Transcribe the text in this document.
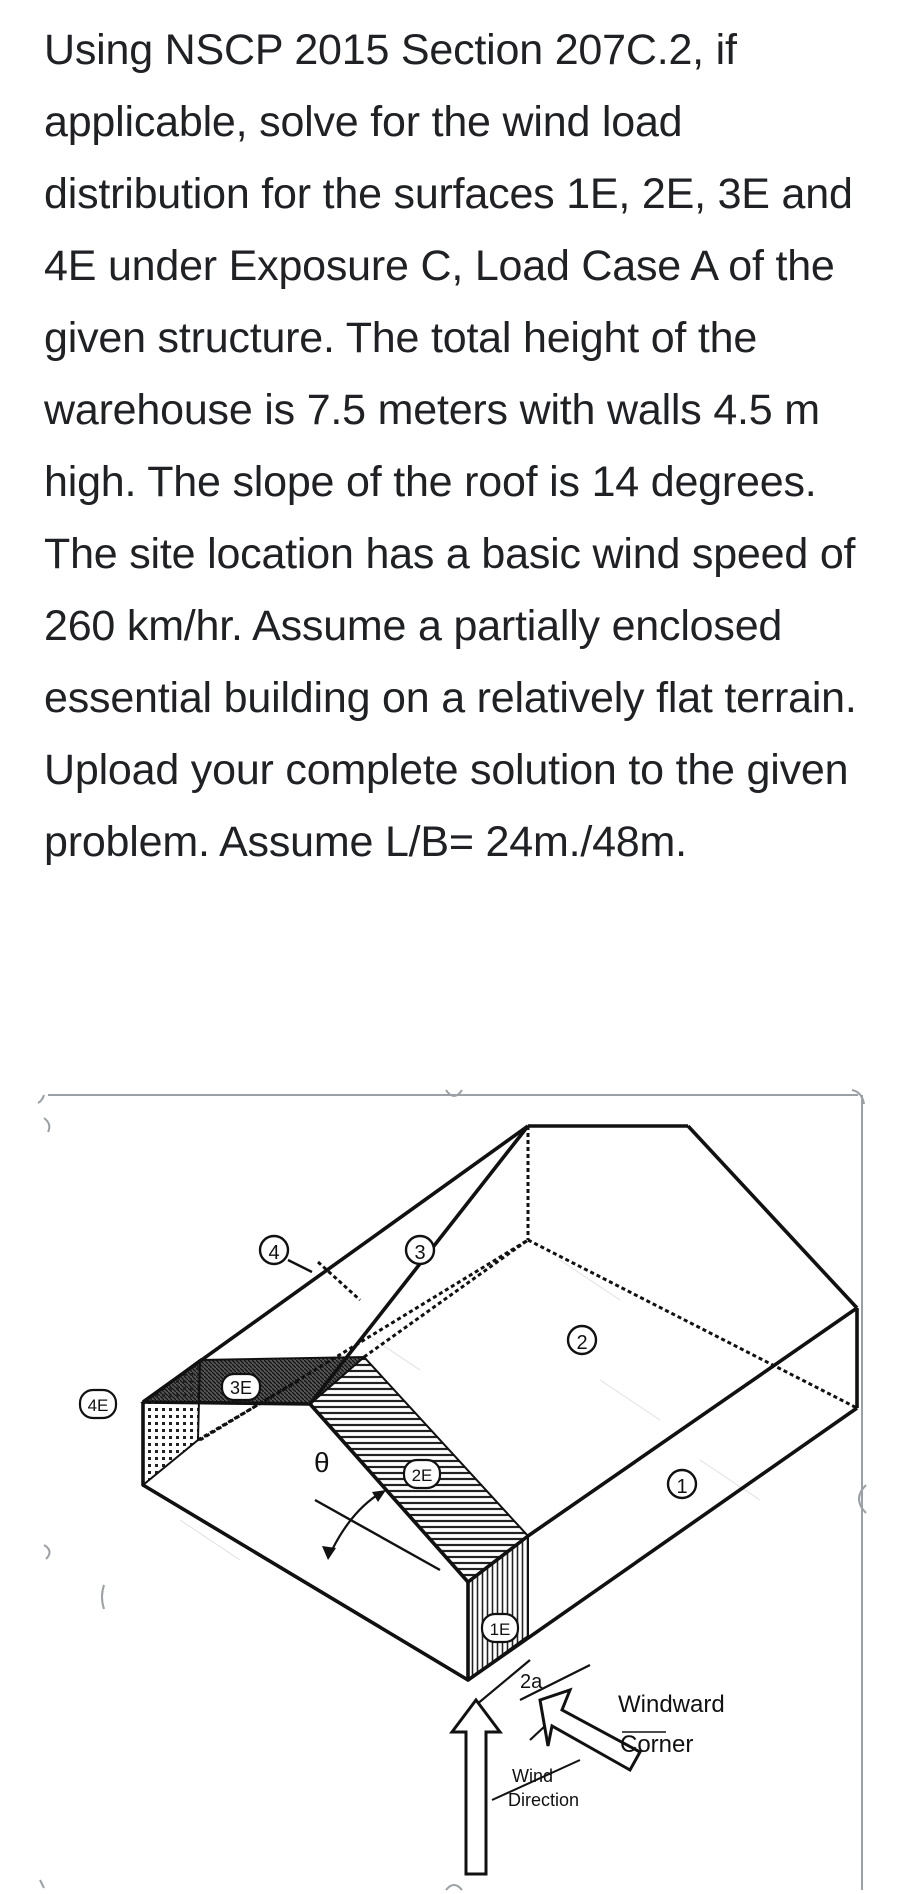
Using NSCP 2015 Section 207C.2, if applicable, solve for the wind load distribution for the surfaces 1E, 2E, 3E and 4E under Exposure C, Load Case A of the given structure. The total height of the warehouse is 7.5 meters with walls 4.5 m high. The slope of the roof is 14 degrees. The site location has a basic wind speed of 260 km/hr. Assume a partially enclosed essential building on a relatively flat terrain. Upload your complete solution to the given problem. Assume L/B= 24m./48m.

θ
4	3
2
1
3E
4E
2E
1E
2a
Windward
Corner
Wind
Direction
